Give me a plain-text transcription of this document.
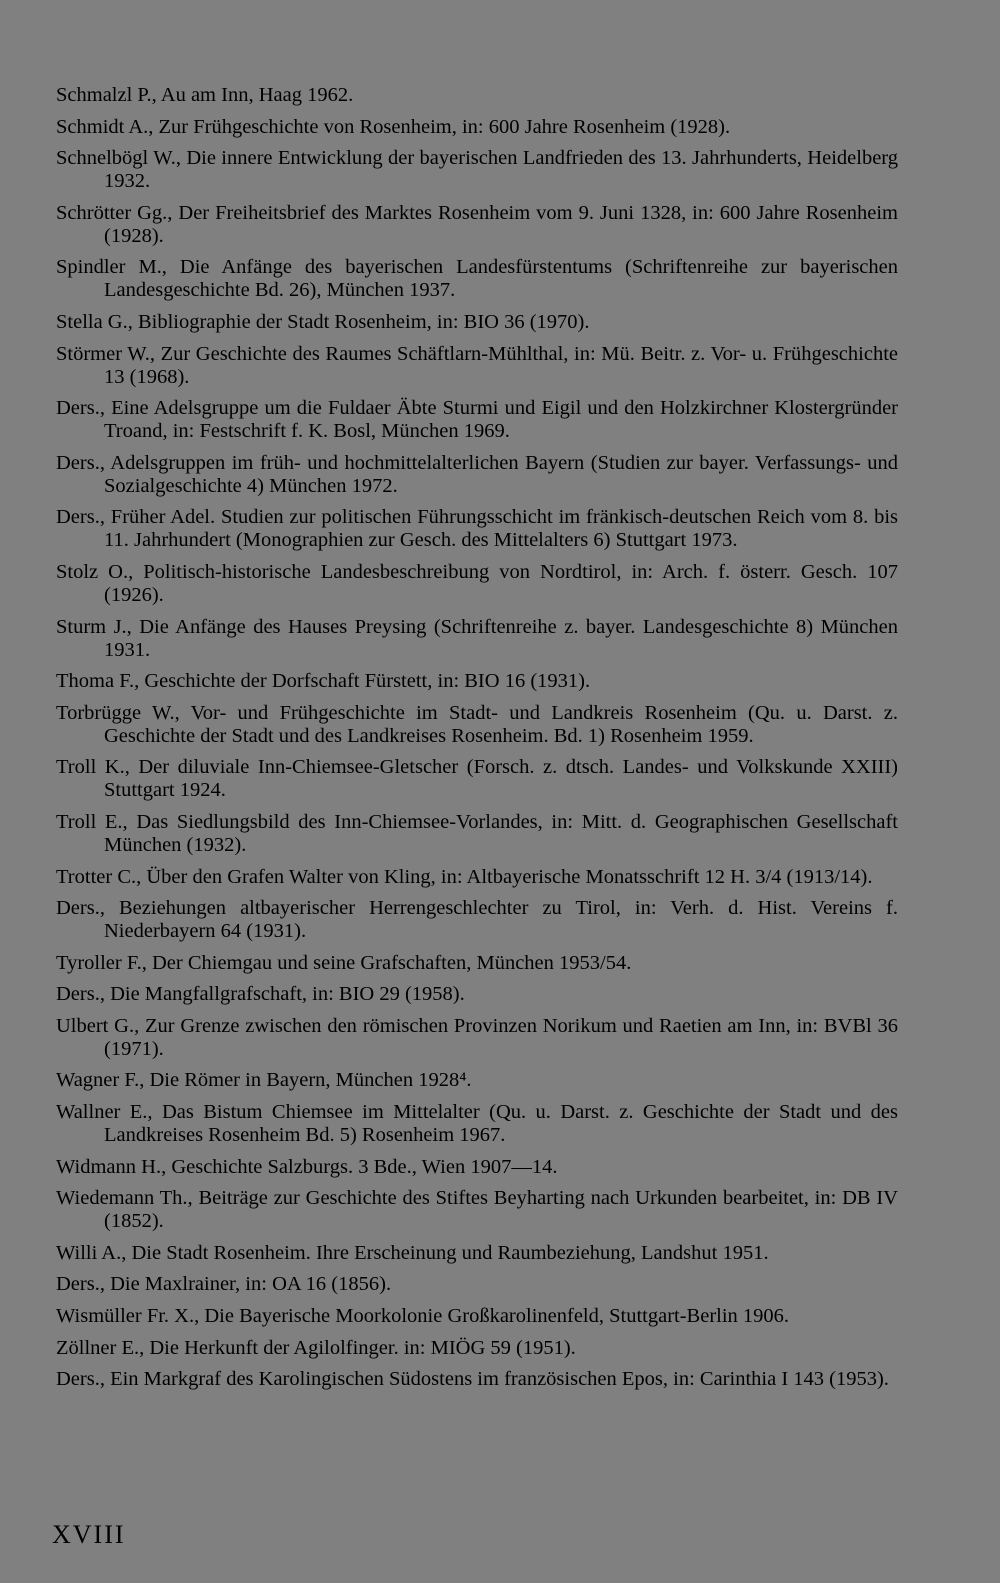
Schmalzl P., Au am Inn, Haag 1962.
Schmidt A., Zur Frühgeschichte von Rosenheim, in: 600 Jahre Rosenheim (1928).
Schnelbögl W., Die innere Entwicklung der bayerischen Landfrieden des 13. Jahrhunderts, Heidelberg 1932.
Schrötter Gg., Der Freiheitsbrief des Marktes Rosenheim vom 9. Juni 1328, in: 600 Jahre Rosenheim (1928).
Spindler M., Die Anfänge des bayerischen Landesfürstentums (Schriftenreihe zur bayerischen Landesgeschichte Bd. 26), München 1937.
Stella G., Bibliographie der Stadt Rosenheim, in: BIO 36 (1970).
Störmer W., Zur Geschichte des Raumes Schäftlarn-Mühlthal, in: Mü. Beitr. z. Vor- u. Frühgeschichte 13 (1968).
Ders., Eine Adelsgruppe um die Fuldaer Äbte Sturmi und Eigil und den Holzkirchner Klostergründer Troand, in: Festschrift f. K. Bosl, München 1969.
Ders., Adelsgruppen im früh- und hochmittelalterlichen Bayern (Studien zur bayer. Verfassungs- und Sozialgeschichte 4) München 1972.
Ders., Früher Adel. Studien zur politischen Führungsschicht im fränkisch-deutschen Reich vom 8. bis 11. Jahrhundert (Monographien zur Gesch. des Mittelalters 6) Stuttgart 1973.
Stolz O., Politisch-historische Landesbeschreibung von Nordtirol, in: Arch. f. österr. Gesch. 107 (1926).
Sturm J., Die Anfänge des Hauses Preysing (Schriftenreihe z. bayer. Landesgeschichte 8) München 1931.
Thoma F., Geschichte der Dorfschaft Fürstett, in: BIO 16 (1931).
Torbrügge W., Vor- und Frühgeschichte im Stadt- und Landkreis Rosenheim (Qu. u. Darst. z. Geschichte der Stadt und des Landkreises Rosenheim. Bd. 1) Rosenheim 1959.
Troll K., Der diluviale Inn-Chiemsee-Gletscher (Forsch. z. dtsch. Landes- und Volkskunde XXIII) Stuttgart 1924.
Troll E., Das Siedlungsbild des Inn-Chiemsee-Vorlandes, in: Mitt. d. Geographischen Gesellschaft München (1932).
Trotter C., Über den Grafen Walter von Kling, in: Altbayerische Monatsschrift 12 H. 3/4 (1913/14).
Ders., Beziehungen altbayerischer Herrengeschlechter zu Tirol, in: Verh. d. Hist. Vereins f. Niederbayern 64 (1931).
Tyroller F., Der Chiemgau und seine Grafschaften, München 1953/54.
Ders., Die Mangfallgrafschaft, in: BIO 29 (1958).
Ulbert G., Zur Grenze zwischen den römischen Provinzen Norikum und Raetien am Inn, in: BVBl 36 (1971).
Wagner F., Die Römer in Bayern, München 1928⁴.
Wallner E., Das Bistum Chiemsee im Mittelalter (Qu. u. Darst. z. Geschichte der Stadt und des Landkreises Rosenheim Bd. 5) Rosenheim 1967.
Widmann H., Geschichte Salzburgs. 3 Bde., Wien 1907—14.
Wiedemann Th., Beiträge zur Geschichte des Stiftes Beyharting nach Urkunden bearbeitet, in: DB IV (1852).
Willi A., Die Stadt Rosenheim. Ihre Erscheinung und Raumbeziehung, Landshut 1951.
Ders., Die Maxlrainer, in: OA 16 (1856).
Wismüller Fr. X., Die Bayerische Moorkolonie Großkarolinenfeld, Stuttgart-Berlin 1906.
Zöllner E., Die Herkunft der Agilolfinger. in: MIÖG 59 (1951).
Ders., Ein Markgraf des Karolingischen Südostens im französischen Epos, in: Carinthia I 143 (1953).
XVIII
